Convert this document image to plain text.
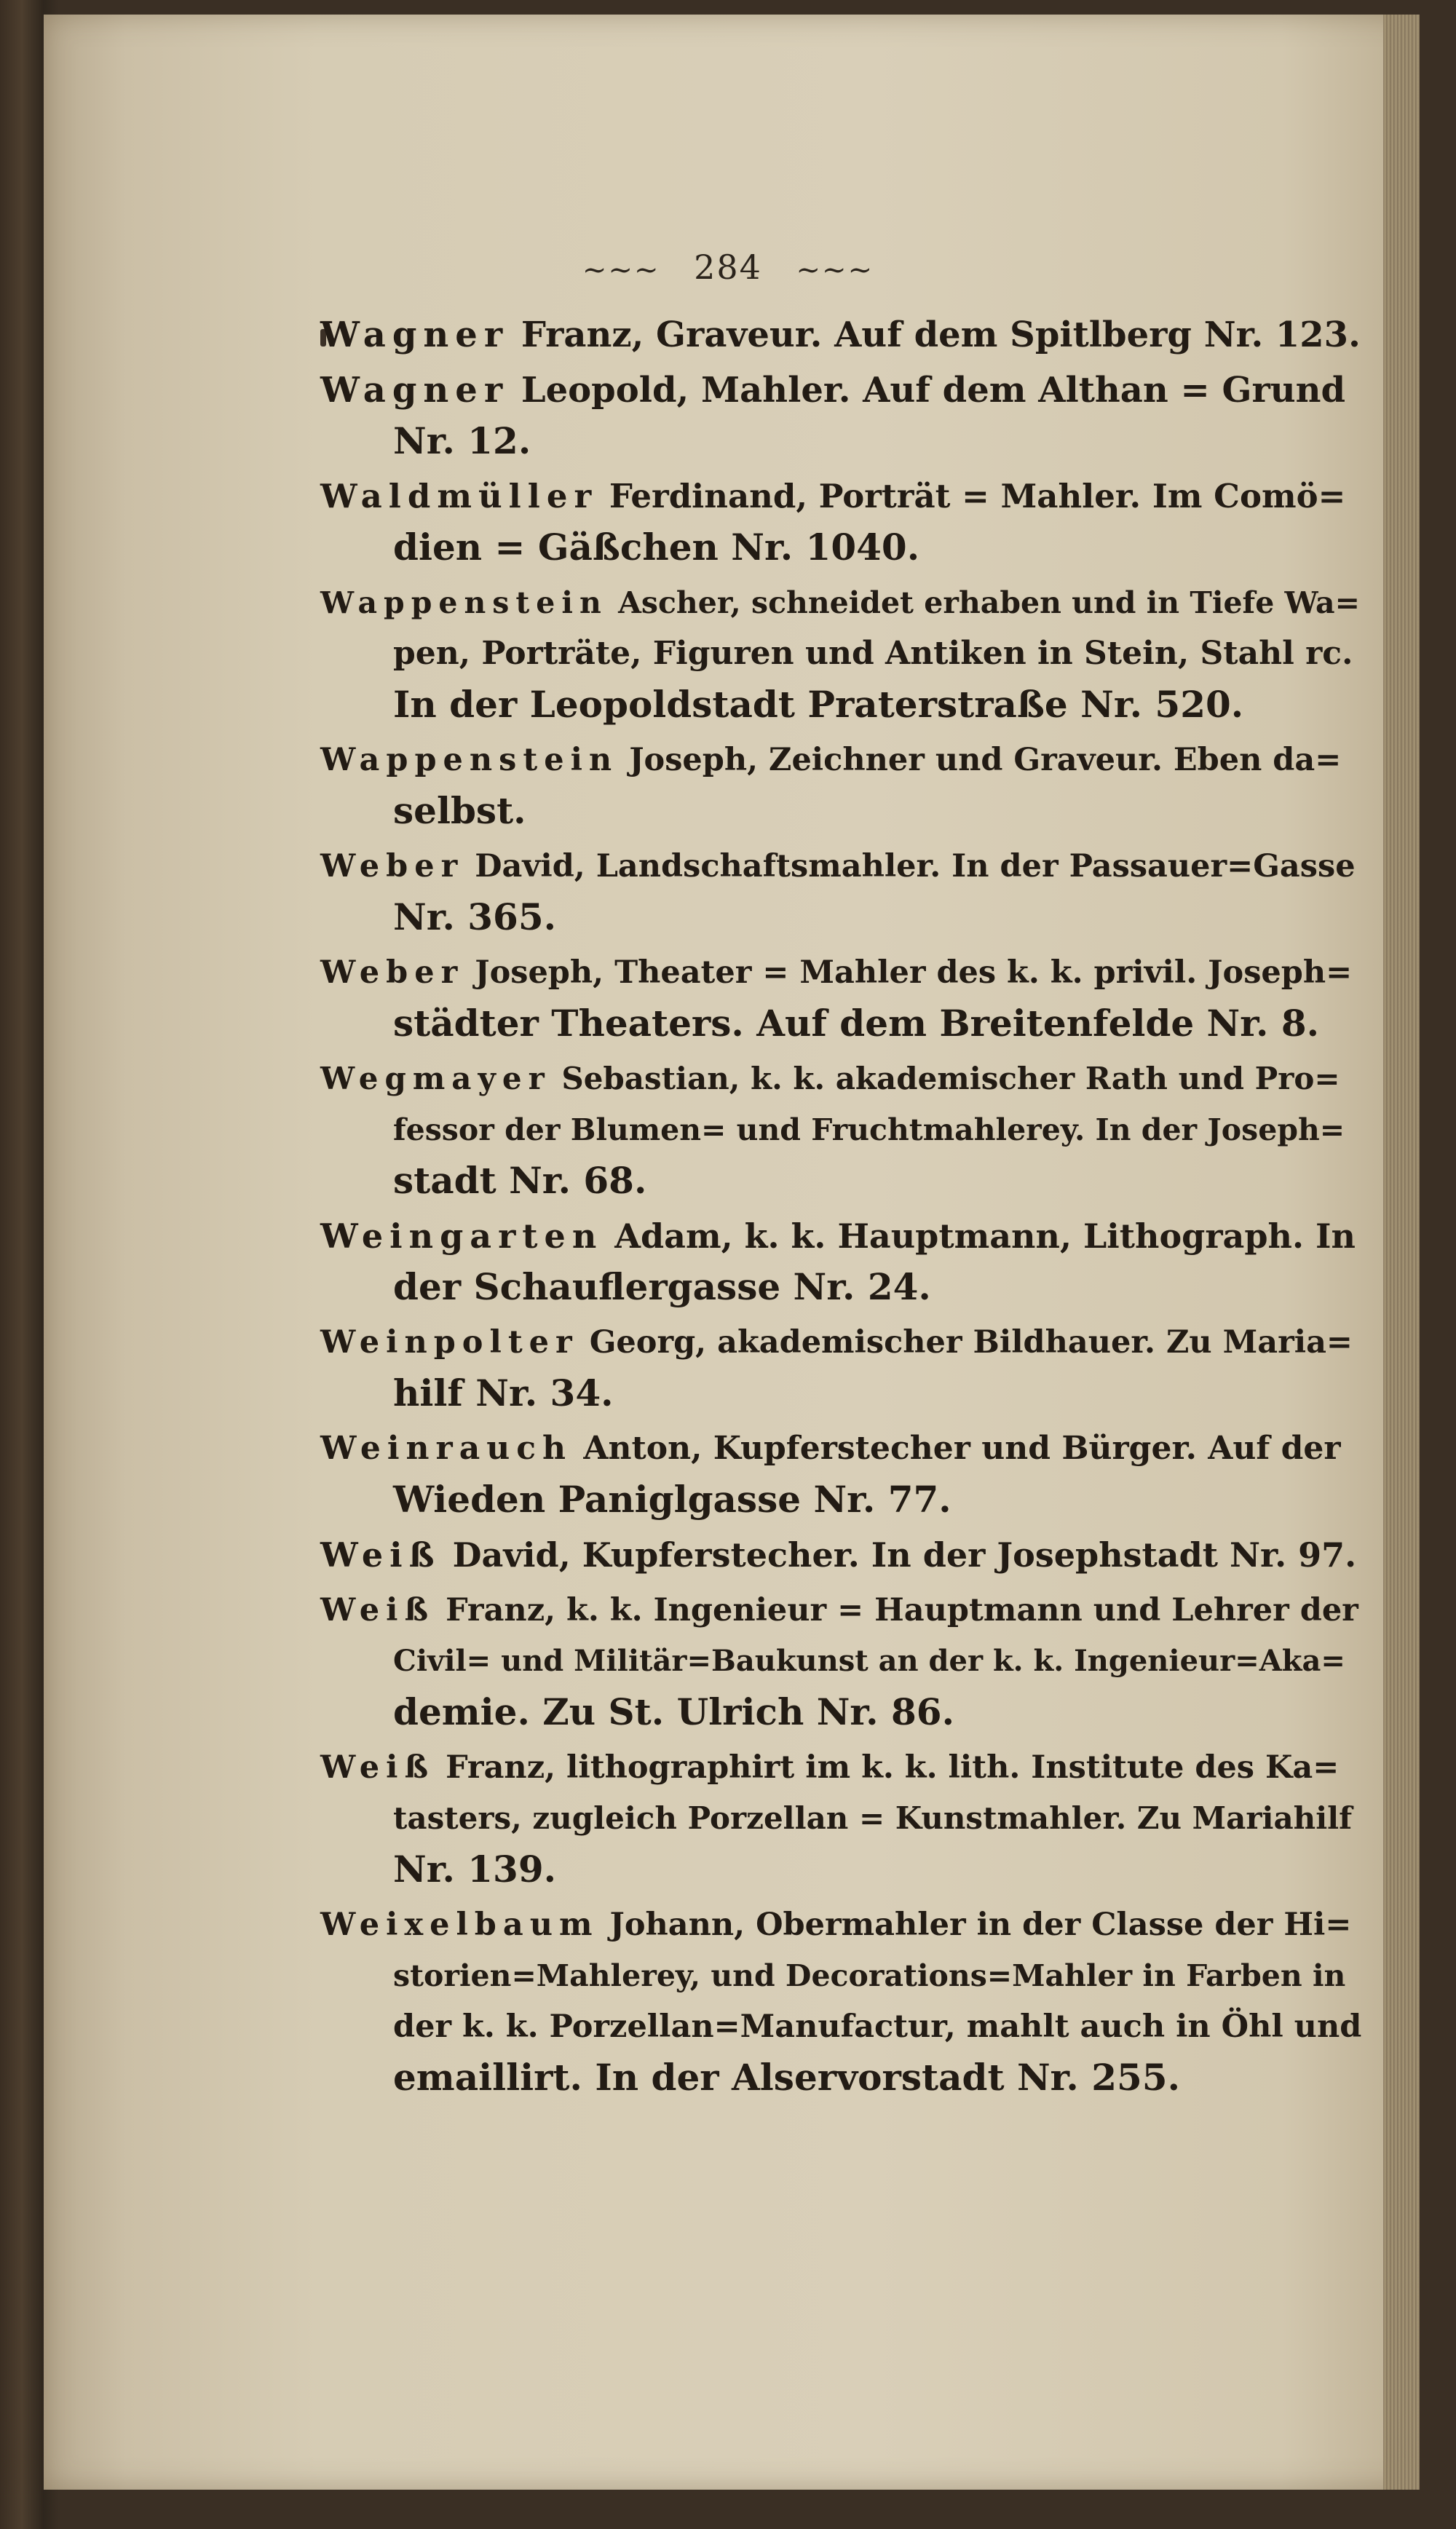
~~~ 284 ~~~
Wagner Franz, Graveur. Auf dem Spitlberg Nr. 123.
Wagner Leopold, Mahler. Auf dem Althan = Grund
Nr. 12.
Waldmüller Ferdinand, Porträt = Mahler. Im Comö=
dien = Gäßchen Nr. 1040.
Wappenstein Ascher, schneidet erhaben und in Tiefe Wa=
pen, Porträte, Figuren und Antiken in Stein, Stahl rc.
In der Leopoldstadt Praterstraße Nr. 520.
Wappenstein Joseph, Zeichner und Graveur. Eben da=
selbst.
Weber David, Landschaftsmahler. In der Passauer=Gasse
Nr. 365.
Weber Joseph, Theater = Mahler des k. k. privil. Joseph=
städter Theaters. Auf dem Breitenfelde Nr. 8.
Wegmayer Sebastian, k. k. akademischer Rath und Pro=
fessor der Blumen= und Fruchtmahlerey. In der Joseph=
stadt Nr. 68.
Weingarten Adam, k. k. Hauptmann, Lithograph. In
der Schauflergasse Nr. 24.
Weinpolter Georg, akademischer Bildhauer. Zu Maria=
hilf Nr. 34.
Weinrauch Anton, Kupferstecher und Bürger. Auf der
Wieden Paniglgasse Nr. 77.
Weiß David, Kupferstecher. In der Josephstadt Nr. 97.
Weiß Franz, k. k. Ingenieur = Hauptmann und Lehrer der
Civil= und Militär=Baukunst an der k. k. Ingenieur=Aka=
demie. Zu St. Ulrich Nr. 86.
Weiß Franz, lithographirt im k. k. lith. Institute des Ka=
tasters, zugleich Porzellan = Kunstmahler. Zu Mariahilf
Nr. 139.
Weixelbaum Johann, Obermahler in der Classe der Hi=
storien=Mahlerey, und Decorations=Mahler in Farben in
der k. k. Porzellan=Manufactur, mahlt auch in Öhl und
emaillirt. In der Alservorstadt Nr. 255.
